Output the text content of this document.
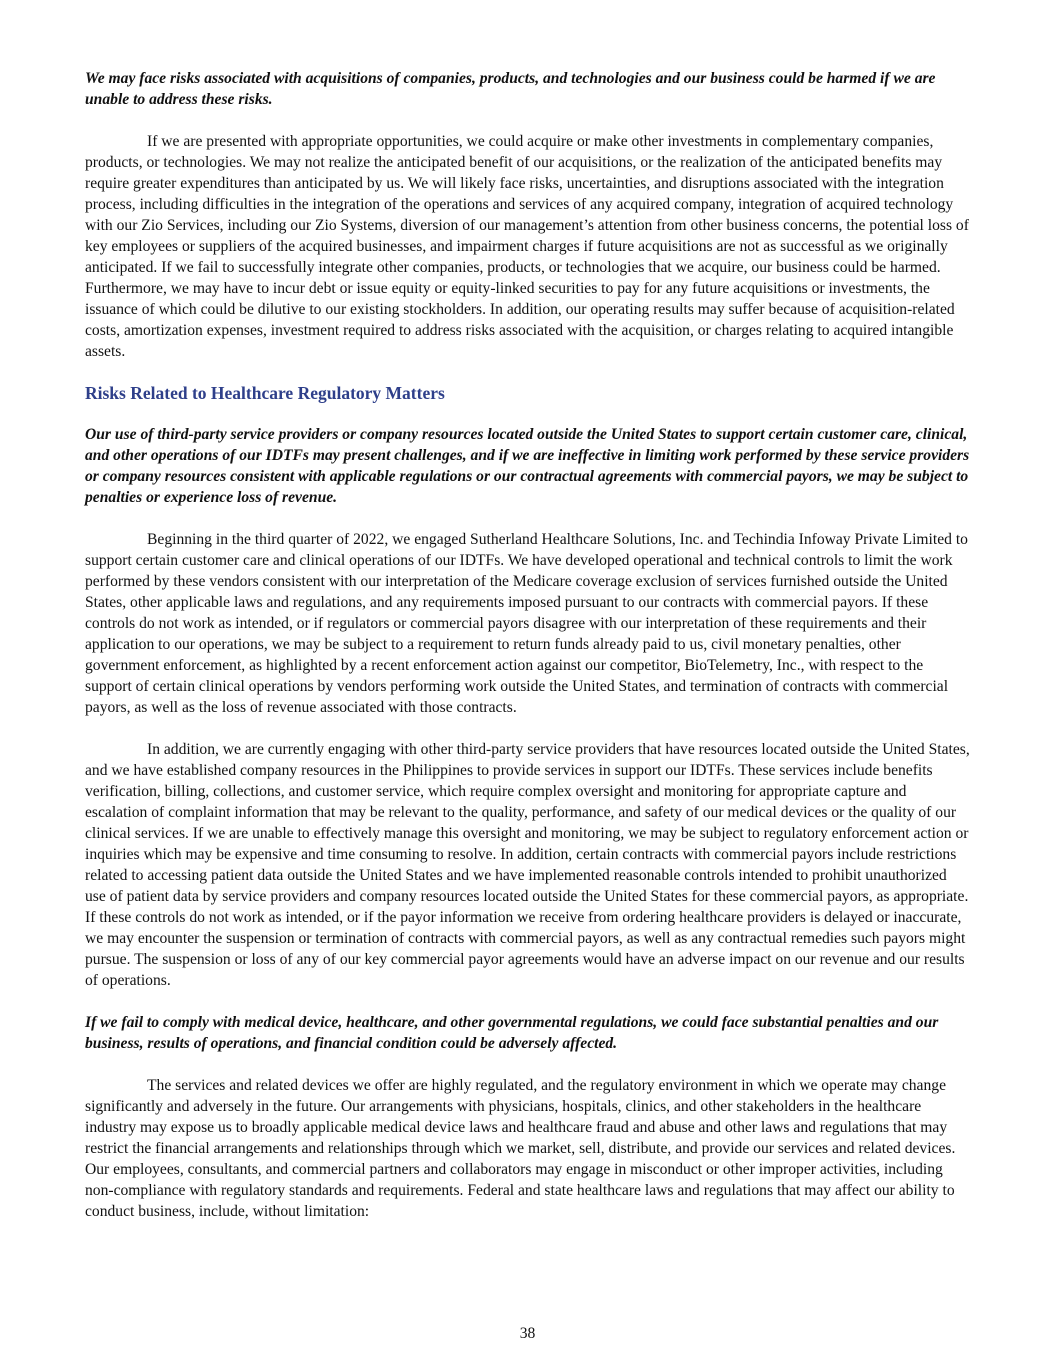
We may face risks associated with acquisitions of companies, products, and technologies and our business could be harmed if we are unable to address these risks.

If we are presented with appropriate opportunities, we could acquire or make other investments in complementary companies, products, or technologies. We may not realize the anticipated benefit of our acquisitions, or the realization of the anticipated benefits may require greater expenditures than anticipated by us. We will likely face risks, uncertainties, and disruptions associated with the integration process, including difficulties in the integration of the operations and services of any acquired company, integration of acquired technology with our Zio Services, including our Zio Systems, diversion of our management’s attention from other business concerns, the potential loss of key employees or suppliers of the acquired businesses, and impairment charges if future acquisitions are not as successful as we originally anticipated. If we fail to successfully integrate other companies, products, or technologies that we acquire, our business could be harmed. Furthermore, we may have to incur debt or issue equity or equity-linked securities to pay for any future acquisitions or investments, the issuance of which could be dilutive to our existing stockholders. In addition, our operating results may suffer because of acquisition-related costs, amortization expenses, investment required to address risks associated with the acquisition, or charges relating to acquired intangible assets.

Risks Related to Healthcare Regulatory Matters

Our use of third-party service providers or company resources located outside the United States to support certain customer care, clinical, and other operations of our IDTFs may present challenges, and if we are ineffective in limiting work performed by these service providers or company resources consistent with applicable regulations or our contractual agreements with commercial payors, we may be subject to penalties or experience loss of revenue.

Beginning in the third quarter of 2022, we engaged Sutherland Healthcare Solutions, Inc. and Techindia Infoway Private Limited to support certain customer care and clinical operations of our IDTFs. We have developed operational and technical controls to limit the work performed by these vendors consistent with our interpretation of the Medicare coverage exclusion of services furnished outside the United States, other applicable laws and regulations, and any requirements imposed pursuant to our contracts with commercial payors. If these controls do not work as intended, or if regulators or commercial payors disagree with our interpretation of these requirements and their application to our operations, we may be subject to a requirement to return funds already paid to us, civil monetary penalties, other government enforcement, as highlighted by a recent enforcement action against our competitor, BioTelemetry, Inc., with respect to the support of certain clinical operations by vendors performing work outside the United States, and termination of contracts with commercial payors, as well as the loss of revenue associated with those contracts.

In addition, we are currently engaging with other third-party service providers that have resources located outside the United States, and we have established company resources in the Philippines to provide services in support our IDTFs. These services include benefits verification, billing, collections, and customer service, which require complex oversight and monitoring for appropriate capture and escalation of complaint information that may be relevant to the quality, performance, and safety of our medical devices or the quality of our clinical services. If we are unable to effectively manage this oversight and monitoring, we may be subject to regulatory enforcement action or inquiries which may be expensive and time consuming to resolve. In addition, certain contracts with commercial payors include restrictions related to accessing patient data outside the United States and we have implemented reasonable controls intended to prohibit unauthorized use of patient data by service providers and company resources located outside the United States for these commercial payors, as appropriate. If these controls do not work as intended, or if the payor information we receive from ordering healthcare providers is delayed or inaccurate, we may encounter the suspension or termination of contracts with commercial payors, as well as any contractual remedies such payors might pursue. The suspension or loss of any of our key commercial payor agreements would have an adverse impact on our revenue and our results of operations.

If we fail to comply with medical device, healthcare, and other governmental regulations, we could face substantial penalties and our business, results of operations, and financial condition could be adversely affected.

The services and related devices we offer are highly regulated, and the regulatory environment in which we operate may change significantly and adversely in the future. Our arrangements with physicians, hospitals, clinics, and other stakeholders in the healthcare industry may expose us to broadly applicable medical device laws and healthcare fraud and abuse and other laws and regulations that may restrict the financial arrangements and relationships through which we market, sell, distribute, and provide our services and related devices. Our employees, consultants, and commercial partners and collaborators may engage in misconduct or other improper activities, including non-compliance with regulatory standards and requirements. Federal and state healthcare laws and regulations that may affect our ability to conduct business, include, without limitation:

38
